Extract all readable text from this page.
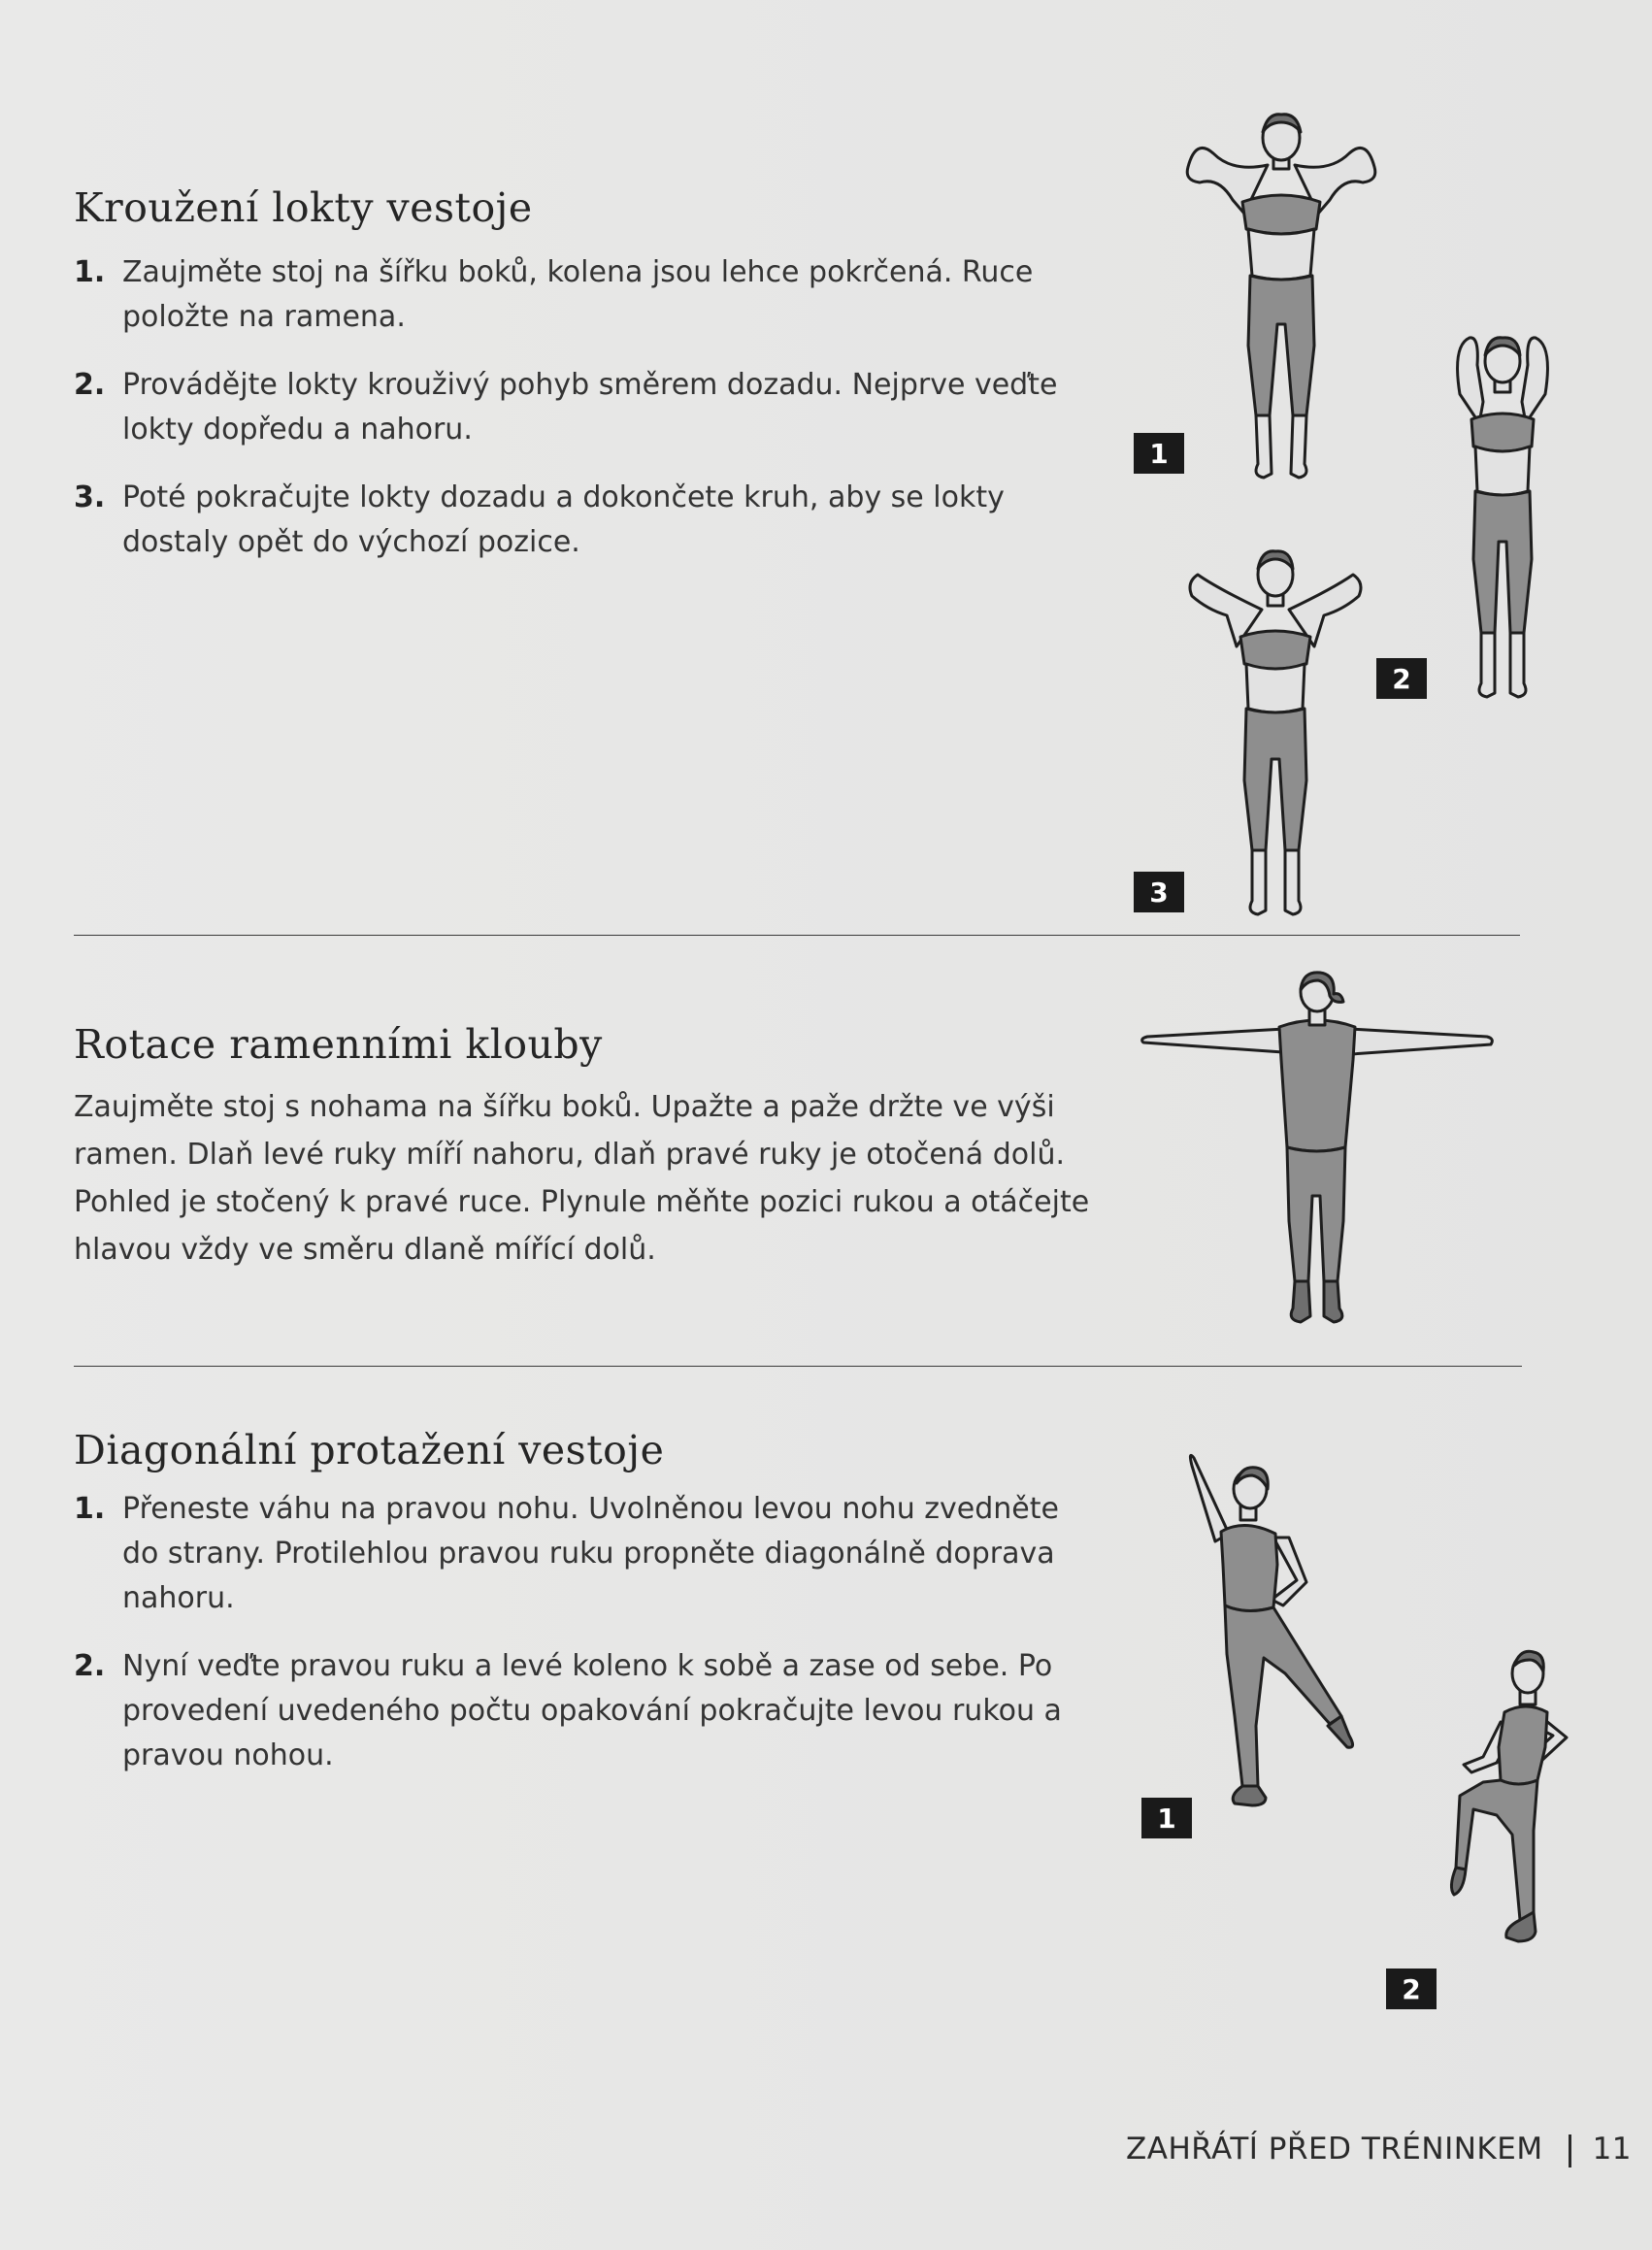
Kroužení lokty vestoje
1. Zaujměte stoj na šířku boků, kolena jsou lehce pokrčená. Ruce položte na ramena.
2. Provádějte lokty krouživý pohyb směrem dozadu. Nejprve veďte lokty dopředu a nahoru.
3. Poté pokračujte lokty dozadu a dokončete kruh, aby se lokty dostaly opět do výchozí pozice.
1
2
3
Rotace ramenními klouby

Zaujměte stoj s nohama na šířku boků. Upažte a paže držte ve výši ramen. Dlaň levé ruky míří nahoru, dlaň pravé ruky je otočená dolů. Pohled je stočený k pravé ruce. Plynule měňte pozici rukou a otáčejte hlavou vždy ve směru dlaně mířící dolů.

Diagonální protažení vestoje
1. Přeneste váhu na pravou nohu. Uvolněnou levou nohu zvedněte do strany. Protilehlou pravou ruku propněte diagonálně doprava nahoru.
2. Nyní veďte pravou ruku a levé koleno k sobě a zase od sebe. Po provedení uvedeného počtu opakování pokračujte levou rukou a pravou nohou.
1
2
ZAHŘÁTÍ PŘED TRÉNINKEM 11
